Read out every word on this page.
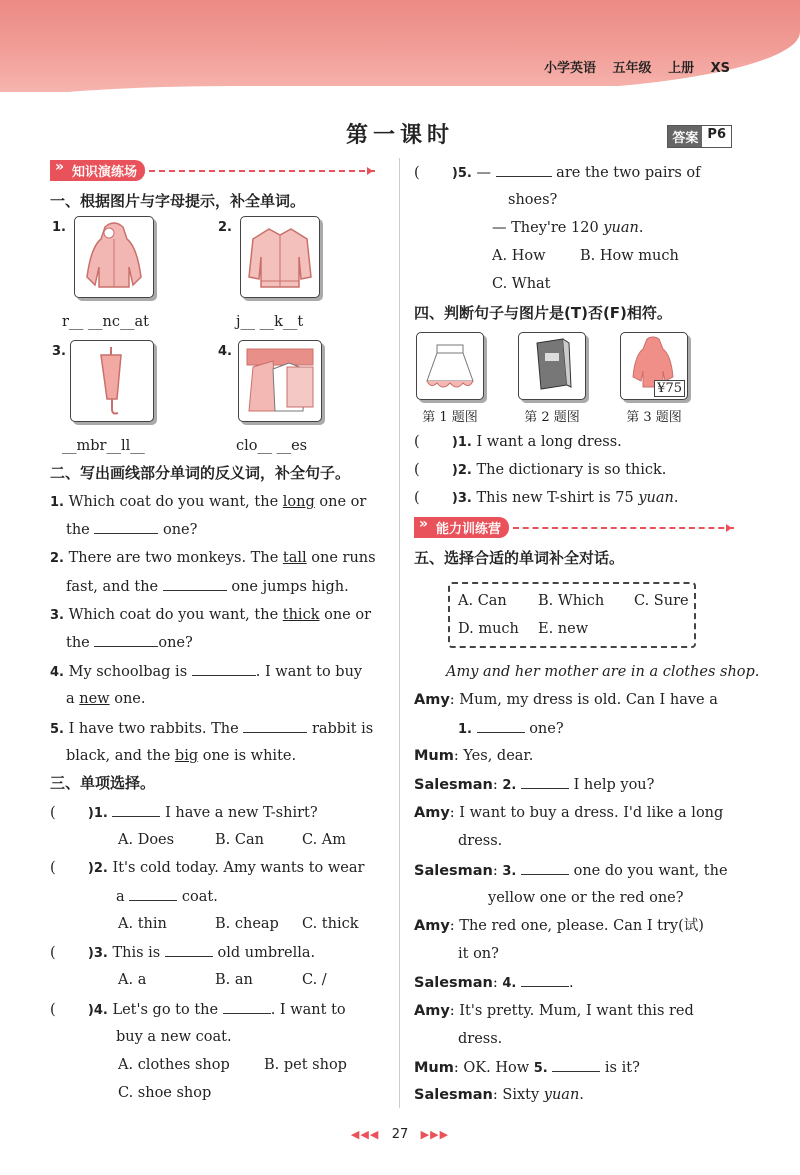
小学英语 五年级 上册 XS
第一课时	答案 P6
» 知识演练场
一、根据图片与字母提示，补全单词。
1.	2.
r__ __nc__at	j__ __k__t
3.	4.
__mbr__ll__	clo__ __es
二、写出画线部分单词的反义词，补全句子。
1. Which coat do you want, the long one or
the	one?
2. There are two monkeys. The tall one runs
fast, and the	one jumps high.
3. Which coat do you want, the thick one or
the	one?
4. My schoolbag is	. I want to buy
a new one.
5. I have two rabbits. The	rabbit is
black, and the big one is white.
三、单项选择。
(       )1.	I have a new T-shirt?
A. Does	B. Can	C. Am
(       )2. It's cold today. Amy wants to wear
a	coat.
A. thin	B. cheap C. thick
(       )3. This is	old umbrella.
A. a	B. an	C. /
(       )4. Let's go to the	. I want to
buy a new coat.
A. clothes shop B. pet shop
C. shoe shop
(       )5. —	are the two pairs of
shoes?
— They're 120 yuan.
A. How B. How much
C. What
四、判断句子与图片是(T)否(F)相符。
¥75
第 1 题图	第 2 题图	第 3 题图
(       )1. I want a long dress.
(       )2. The dictionary is so thick.
(       )3. This new T-shirt is 75 yuan.
» 能力训练营
五、选择合适的单词补全对话。
A. Can B. Which C. Sure
D. much E. new
Amy and her mother are in a clothes shop.
Amy: Mum, my dress is old. Can I have a
1.	one?
Mum: Yes, dear.
Salesman: 2.	I help you?
Amy: I want to buy a dress. I'd like a long
dress.
Salesman: 3.	one do you want, the
yellow one or the red one?
Amy: The red one, please. Can I try(试)
it on?
Salesman: 4.	.
Amy: It's pretty. Mum, I want this red
dress.
Mum: OK. How 5.	is it?
Salesman: Sixty yuan.
◀◀◀ 27 ▶▶▶
